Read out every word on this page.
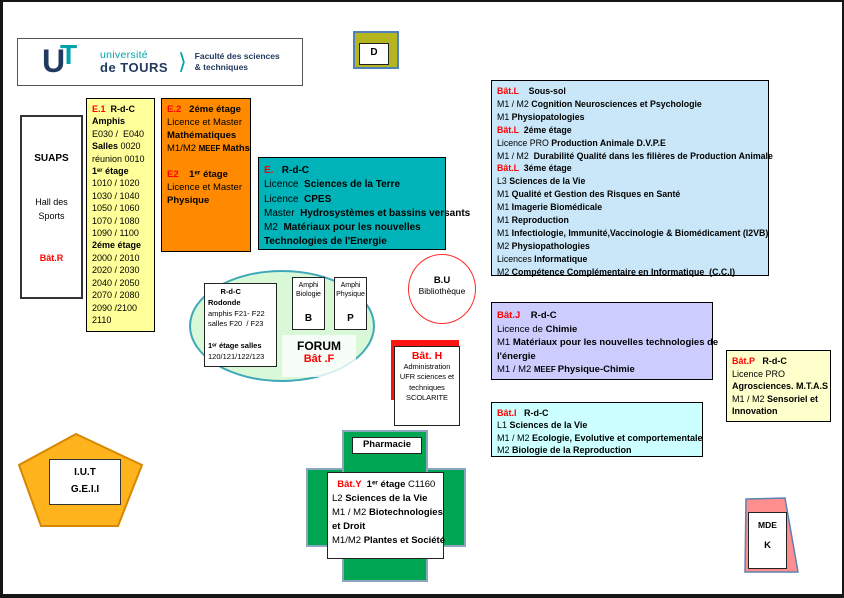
U
T université
de TOURS ⟩ Faculté des sciences
& techniques
D
SUAPS
Hall des
Sports
Bât.R
E.1  R-d-C
Amphis
E030 /  E040
Salles 0020
réunion 0010
1ᵉʳ étage
1010 / 1020
1030 / 1040
1050 / 1060
1070 / 1080
1090 / 1100
2éme étage
2000 / 2010
2020 / 2030
2040 / 2050
2070 / 2080
2090 /2100
2110
E.2   2éme étage
Licence et Master
Mathématiques
M1/M2 MEEF Maths

E2    1ᵉʳ étage
Licence et Master
Physique
E.   R-d-C
Licence  Sciences de la Terre
Licence  CPES
Master  Hydrosystèmes et bassins versants
M2  Matériaux pour les nouvelles
Technologies de l'Energie
Bât.L    Sous-sol
M1 / M2 Cognition Neurosciences et Psychologie
M1 Physiopatologies
Bât.L  2éme étage
Licence PRO Production Animale D.V.P.E
M1 / M2  Durabilité Qualité dans les filières de Production Animale
Bât.L  3éme étage
L3 Sciences de la Vie
M1 Qualité et Gestion des Risques en Santé
M1 Imagerie Biomédicale
M1 Reproduction
M1 Infectiologie, Immunité,Vaccinologie & Biomédicament (I2VB)
M2 Physiopathologies
Licences Informatique
M2 Compétence Complémentaire en Informatique  (C.C.I)
R-d-C
Rodonde
amphis F21- F22
salles F20  / F23

1ᵉʳ étage salles
120/121/122/123
Amphi
Biologie
B
Amphi
Physique
P
FORUM
Bât .F
B.U
Bibliothèque
Bât. H
Administration
UFR sciences et
techniques
SCOLARITE
Bât.J    R-d-C
Licence de Chimie
M1 Matériaux pour les nouvelles technologies de
l'énergie
M1 / M2 MEEF Physique-Chimie
Bât.P   R-d-C
Licence PRO
Agrosciences. M.T.A.S
M1 / M2 Sensoriel et
Innovation
Bât.I   R-d-C
L1 Sciences de la Vie
M1 / M2 Ecologie, Evolutive et comportementale
M2 Biologie de la Reproduction
Pharmacie
Bât.Y  1ᵉʳ étage C1160
L2 Sciences de la Vie
M1 / M2 Biotechnologies
et Droit
M1/M2 Plantes et Société
I.U.T
G.E.I.I
MDE
K
